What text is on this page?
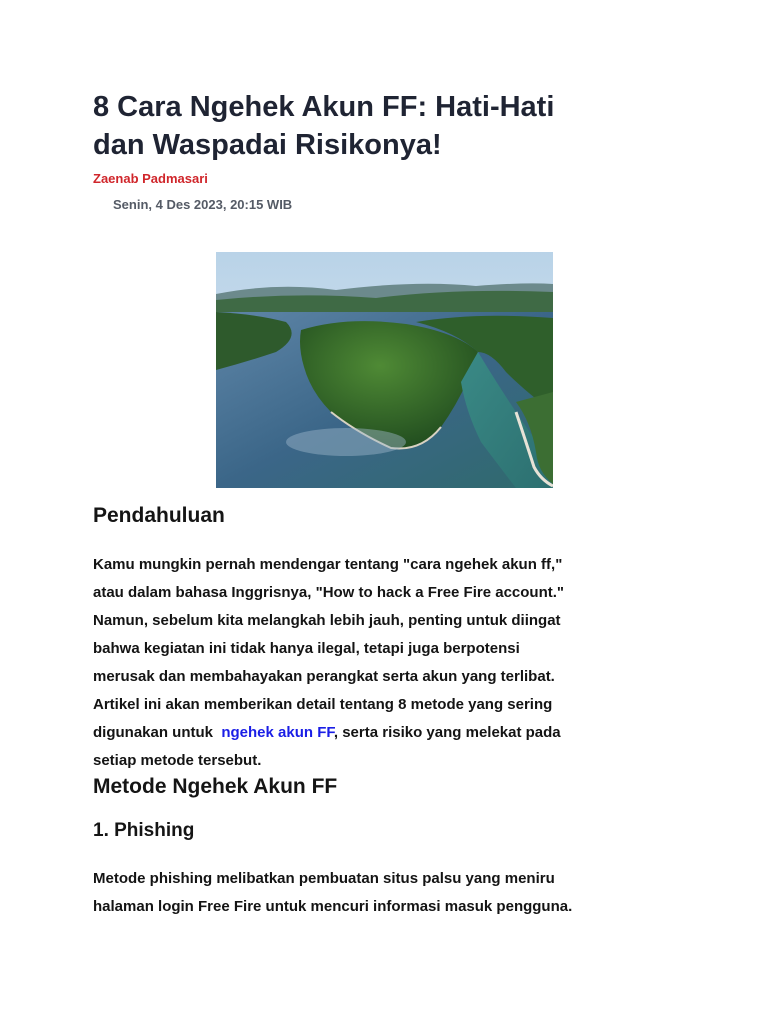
8 Cara Ngehek Akun FF: Hati-Hati
dan Waspadai Risikonya!
Zaenab Padmasari
Senin, 4 Des 2023, 20:15 WIB
Pendahuluan

Kamu mungkin pernah mendengar tentang "cara ngehek akun ff,"
atau dalam bahasa Inggrisnya, "How to hack a Free Fire account."
Namun, sebelum kita melangkah lebih jauh, penting untuk diingat
bahwa kegiatan ini tidak hanya ilegal, tetapi juga berpotensi
merusak dan membahayakan perangkat serta akun yang terlibat.
Artikel ini akan memberikan detail tentang 8 metode yang sering
digunakan untuk  ngehek akun FF, serta risiko yang melekat pada
setiap metode tersebut.

Metode Ngehek Akun FF
1. Phishing

Metode phishing melibatkan pembuatan situs palsu yang meniru
halaman login Free Fire untuk mencuri informasi masuk pengguna.
